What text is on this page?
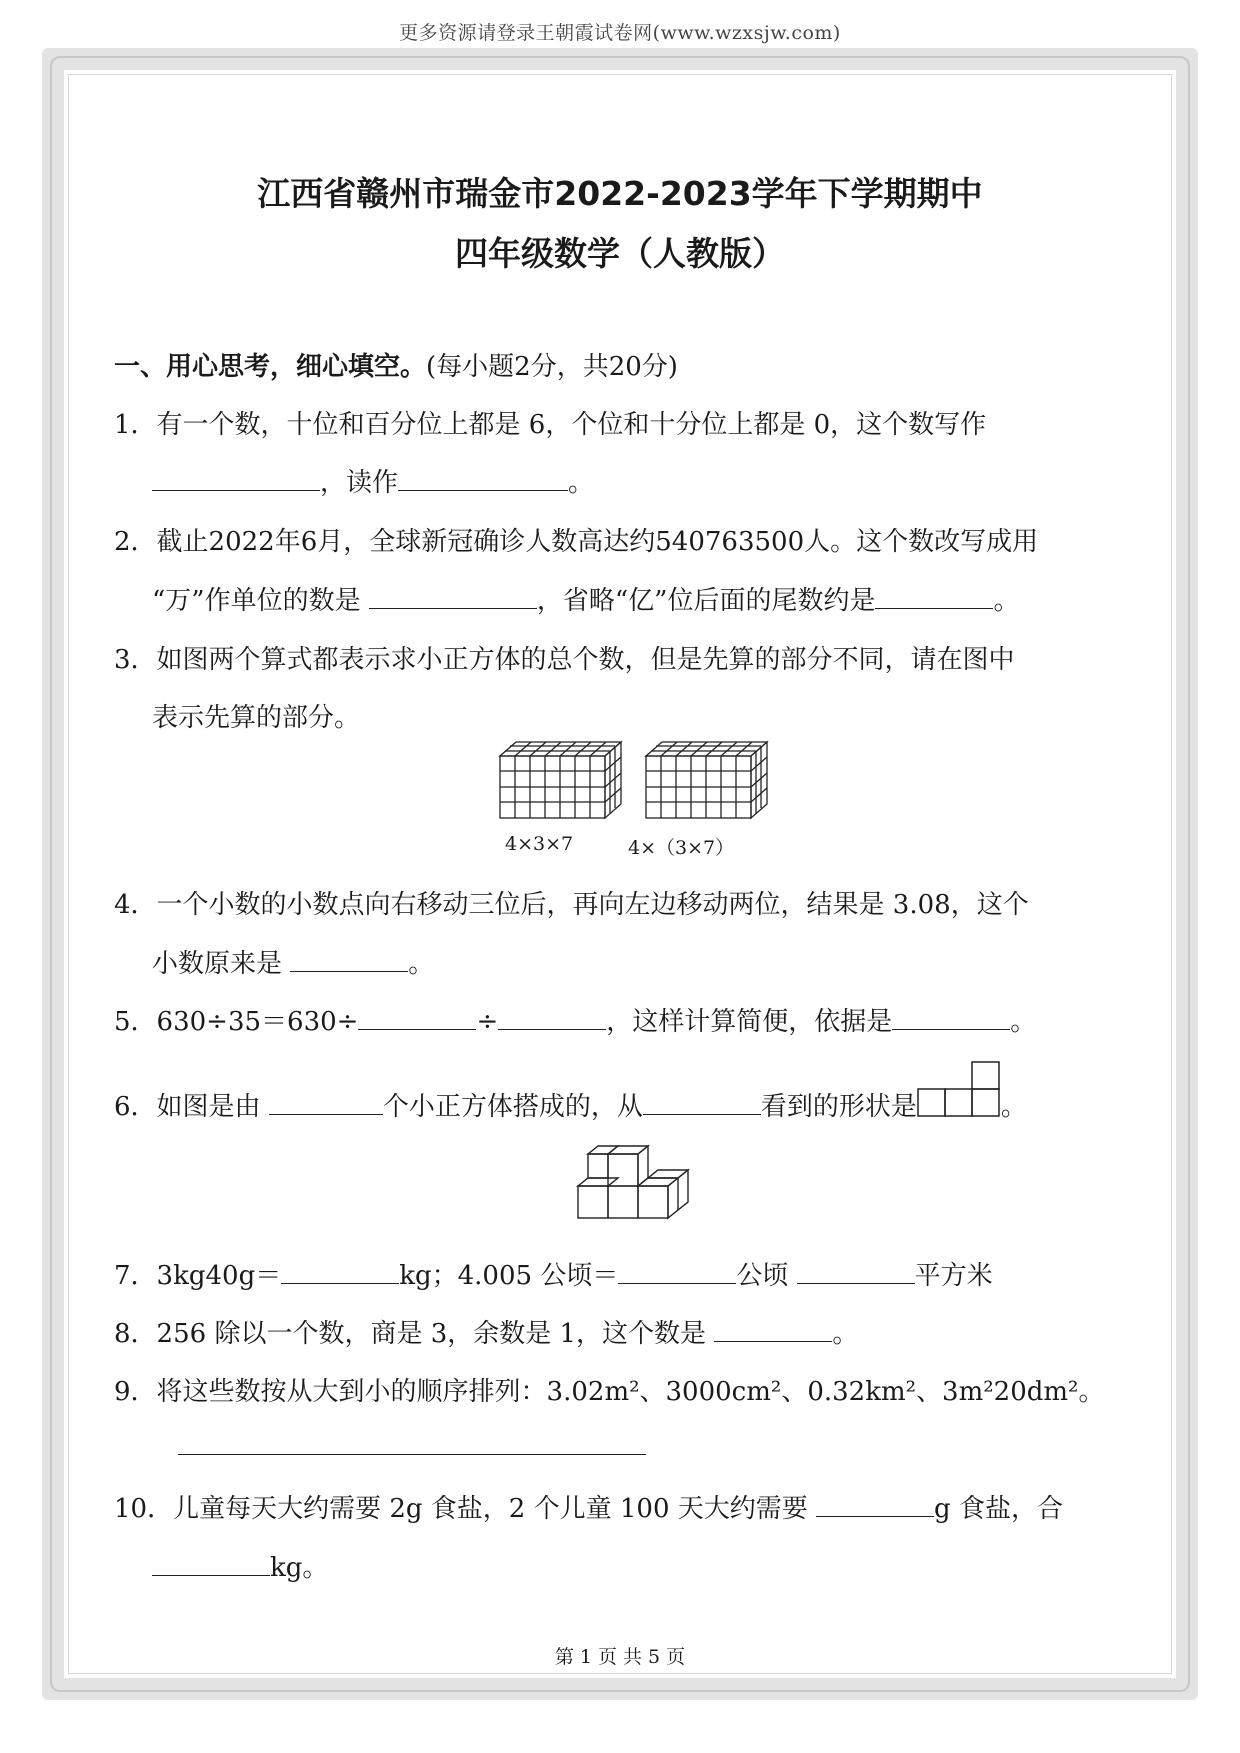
更多资源请登录王朝霞试卷网(www.wzxsjw.com)
江西省赣州市瑞金市2022-2023学年下学期期中
四年级数学（人教版）
一、用心思考，细心填空。(每小题2分，共20分)
1．有一个数，十位和百分位上都是 6，个位和十分位上都是 0，这个数写作
，读作	。
2．截止2022年6月，全球新冠确诊人数高达约540763500人。这个数改写成用
“万”作单位的数是	，省略“亿”位后面的尾数约是	。
3．如图两个算式都表示求小正方体的总个数，但是先算的部分不同，请在图中
表示先算的部分。
4×3×7	4×（3×7）
4．一个小数的小数点向右移动三位后，再向左边移动两位，结果是 3.08，这个
小数原来是	。
5．630÷35＝630÷	÷	，这样计算简便，依据是	。
6．如图是由	个小正方体搭成的，从	看到的形状是	。
7．3kg40g＝	kg；4.005 公顷＝	公顷	平方米
8．256 除以一个数，商是 3，余数是 1，这个数是	。
9．将这些数按从大到小的顺序排列：3.02m²、3000cm²、0.32km²、3m²20dm²。
10．儿童每天大约需要 2g 食盐，2 个儿童 100 天大约需要	g 食盐，合
kg。
第 1 页 共 5 页
